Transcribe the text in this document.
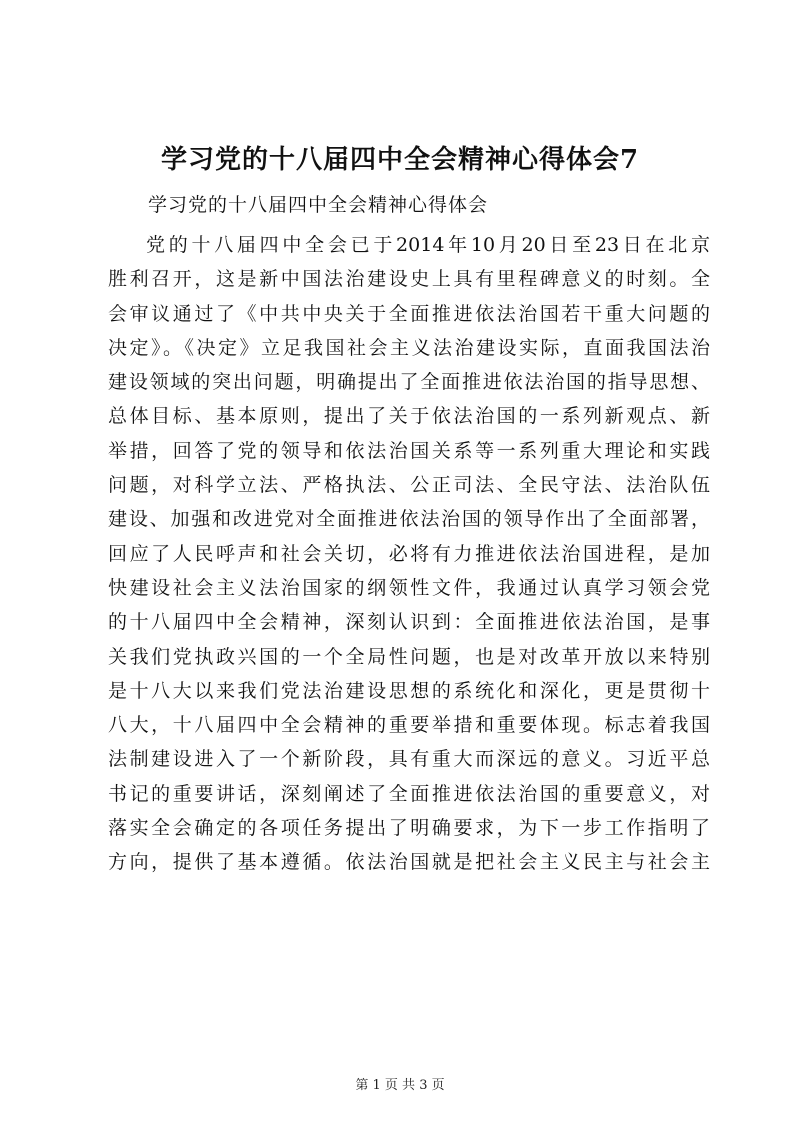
学习党的十八届四中全会精神心得体会7

学习党的十八届四中全会精神心得体会

党的十八届四中全会已于2014年10月20日至23日在北京
胜利召开，这是新中国法治建设史上具有里程碑意义的时刻。全
会审议通过了《中共中央关于全面推进依法治国若干重大问题的
决定》。《决定》立足我国社会主义法治建设实际，直面我国法治
建设领域的突出问题，明确提出了全面推进依法治国的指导思想、
总体目标、基本原则，提出了关于依法治国的一系列新观点、新
举措，回答了党的领导和依法治国关系等一系列重大理论和实践
问题，对科学立法、严格执法、公正司法、全民守法、法治队伍
建设、加强和改进党对全面推进依法治国的领导作出了全面部署，
回应了人民呼声和社会关切，必将有力推进依法治国进程，是加
快建设社会主义法治国家的纲领性文件，我通过认真学习领会党
的十八届四中全会精神，深刻认识到：全面推进依法治国，是事
关我们党执政兴国的一个全局性问题，也是对改革开放以来特别
是十八大以来我们党法治建设思想的系统化和深化，更是贯彻十
八大，十八届四中全会精神的重要举措和重要体现。标志着我国
法制建设进入了一个新阶段，具有重大而深远的意义。习近平总
书记的重要讲话，深刻阐述了全面推进依法治国的重要意义，对
落实全会确定的各项任务提出了明确要求，为下一步工作指明了
方向，提供了基本遵循。依法治国就是把社会主义民主与社会主
第 1 页 共 3 页
